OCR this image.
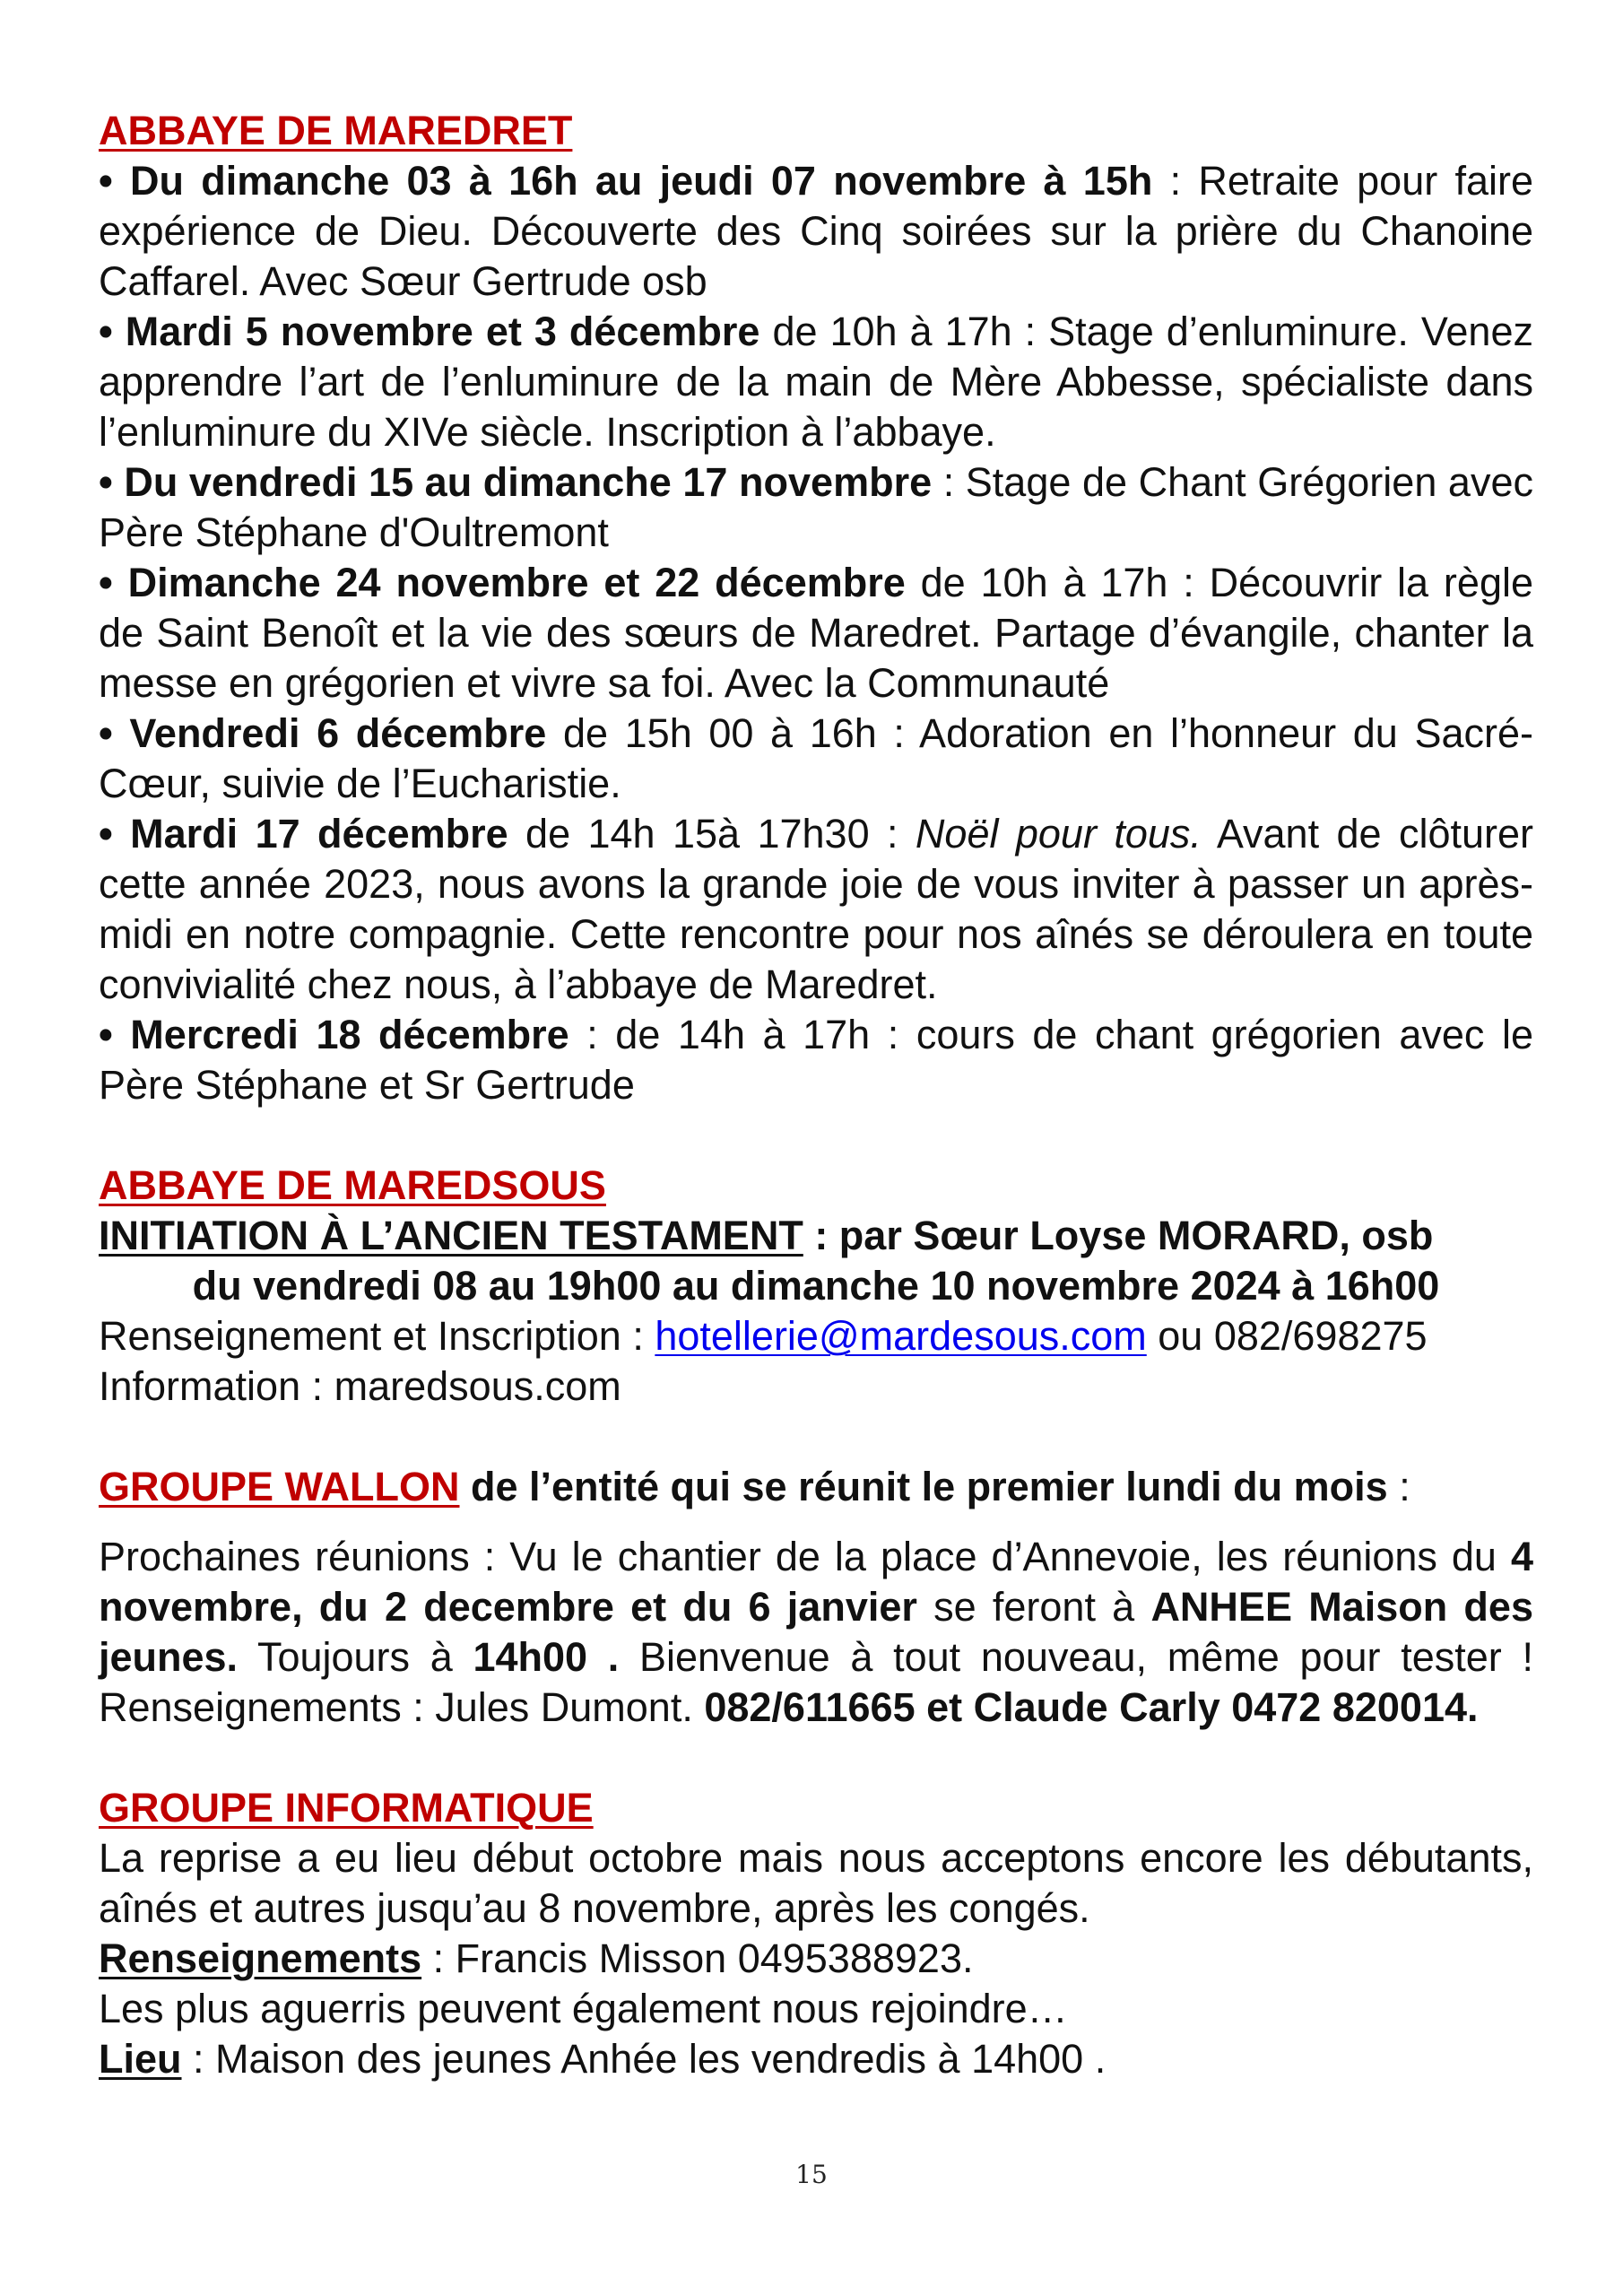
ABBAYE DE MAREDRET

• Du dimanche 03 à 16h au jeudi 07 novembre à 15h : Retraite pour faire expérience de Dieu. Découverte des Cinq soirées sur la prière du Chanoine Caffarel. Avec Sœur Gertrude osb

• Mardi 5 novembre et 3 décembre de 10h à 17h : Stage d’enluminure. Venez apprendre l’art de l’enluminure de la main de Mère Abbesse, spécialiste dans l’enluminure du XIVe siècle. Inscription à l’abbaye.

• Du vendredi 15 au dimanche 17 novembre : Stage de Chant Grégorien avec Père Stéphane d'Oultremont

• Dimanche 24 novembre et 22 décembre de 10h à 17h : Découvrir la règle de Saint Benoît et la vie des sœurs de Maredret. Partage d’évangile, chanter la messe en grégorien et vivre sa foi. Avec la Communauté

• Vendredi 6 décembre de 15h 00 à 16h : Adoration en l’honneur du Sacré-Cœur, suivie de l’Eucharistie.

• Mardi 17 décembre de 14h 15à 17h30 : Noël pour tous. Avant de clôturer cette année 2023, nous avons la grande joie de vous inviter à passer un après-midi en notre compagnie. Cette rencontre pour nos aînés se déroulera en toute convivialité chez nous, à l’abbaye de Maredret.

• Mercredi 18 décembre : de 14h à 17h : cours de chant grégorien avec le Père Stéphane et Sr Gertrude

ABBAYE DE MAREDSOUS

INITIATION À L’ANCIEN TESTAMENT : par Sœur Loyse MORARD, osb

du vendredi 08 au 19h00 au dimanche 10 novembre 2024 à 16h00

Renseignement et Inscription : hotellerie@mardesous.com ou 082/698275

Information : maredsous.com

GROUPE WALLON de l’entité qui se réunit le premier lundi du mois :

Prochaines réunions : Vu le chantier de la place d’Annevoie, les réunions du 4 novembre, du 2 decembre et du 6 janvier se feront à ANHEE Maison des jeunes. Toujours à 14h00 . Bienvenue à tout nouveau, même pour tester ! Renseignements : Jules Dumont. 082/611665 et Claude Carly 0472 820014.

GROUPE INFORMATIQUE

La reprise a eu lieu début octobre mais nous acceptons encore les débutants, aînés et autres jusqu’au 8 novembre, après les congés.

Renseignements : Francis Misson 0495388923.

Les plus aguerris peuvent également nous rejoindre…

Lieu : Maison des jeunes Anhée les vendredis à 14h00 .

15
